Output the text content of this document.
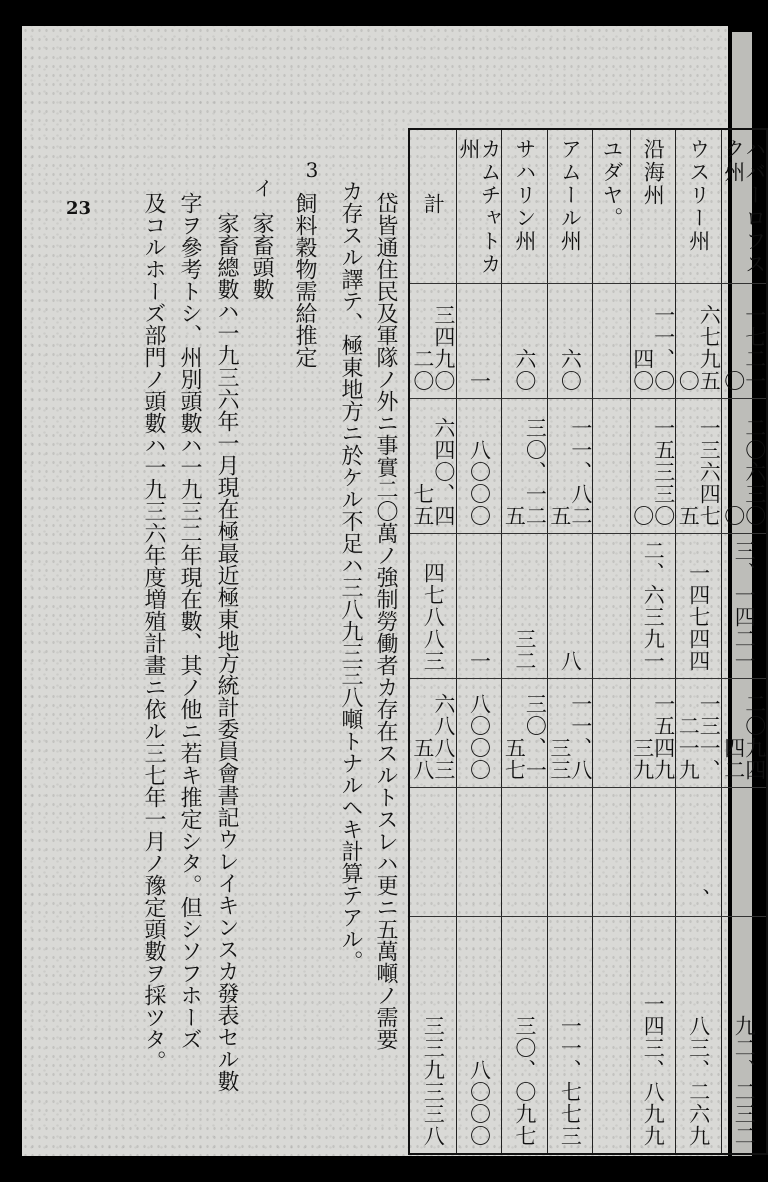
計	カムチャトカ州	サハリン州	アムール州	ユダヤ。	沿海州	ウスリー州	ハバーロフスク州
三四九〇二〇	一	六〇	六〇		一一、〇四〇	六七九五〇	一七二一〇
六四〇、四七五	八〇〇〇	三〇、一二五	一一、八二五		一五三三〇〇	一三六四七五	二〇六三〇〇
四七八八三	一	三二	八		二、六三九一	一四七四四	三、一四二一
六八八三五八	八〇〇〇	三〇、一五七	一一、八三三		一五四九三九	一三一、二一九	二〇九四四二
						、	
三三九三三八	八〇〇〇	三〇、〇九七	一一、七七三		一四三、八九九	八三、二六九	九二、二三二

岱皆通住民及軍隊ノ外ニ事實二〇萬ノ強制勞働者カ存在スルトスレハ更ニ五萬噸ノ需要

カ存スル譯テ、極東地方ニ於ケル不足ハ三八九三三八噸トナルヘキ計算テアル。

3

飼料穀物需給推定

イ

家畜頭數

家畜總數ハ一九三六年一月現在極最近極東地方統計委員會書記ウレイキンスカ發表セル數

字ヲ參考トシ、州別頭數ハ一九三二年現在數、其ノ他ニ若キ推定シタ。但シソフホーズ

及コルホーズ部門ノ頭數ハ一九三六年度増殖計畫ニ依ル三七年一月ノ豫定頭數ヲ採ツタ。

23
